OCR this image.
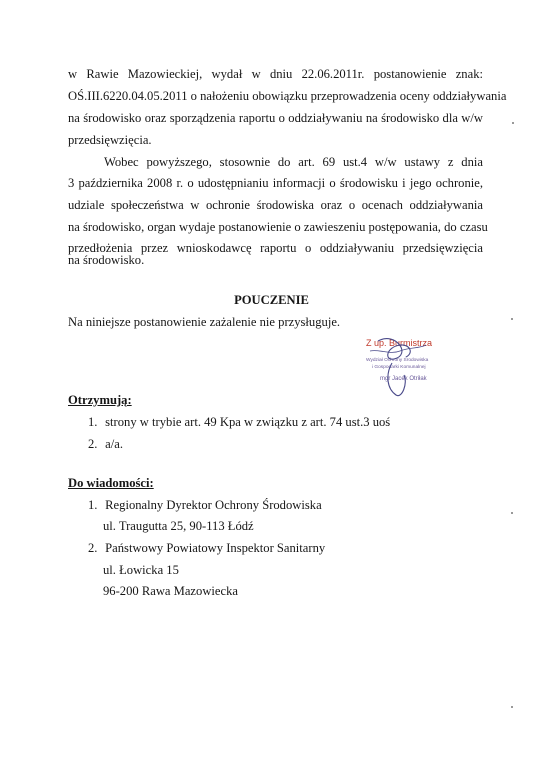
w Rawie Mazowieckiej, wydał w dniu 22.06.2011r. postanowienie znak:
OŚ.III.6220.04.05.2011 o nałożeniu obowiązku przeprowadzenia oceny oddziaływania
na środowisko oraz sporządzenia raportu o oddziaływaniu na środowisko dla w/w
przedsięwzięcia.
Wobec powyższego, stosownie do art. 69 ust.4 w/w ustawy z dnia
3 października 2008 r. o udostępnianiu informacji o środowisku i jego ochronie,
udziale społeczeństwa w ochronie środowiska oraz o ocenach oddziaływania
na środowisko, organ wydaje postanowienie o zawieszeniu postępowania, do czasu
przedłożenia przez wnioskodawcę raportu o oddziaływaniu przedsięwzięcia
na środowisko.
POUCZENIE
Na niniejsze postanowienie zażalenie nie przysługuje.
Z up. Burmistrza
Wydział Ochrony Środowiska
i Gospodarki Komunalnej
mgr Jacek Otriłak
Otrzymują:
1. strony w trybie art. 49 Kpa w związku z art. 74 ust.3 uoś
2. a/a.
Do wiadomości:
1. Regionalny Dyrektor Ochrony Środowiska
ul. Traugutta 25, 90-113 Łódź
2. Państwowy Powiatowy Inspektor Sanitarny
ul. Łowicka 15
96-200 Rawa Mazowiecka
